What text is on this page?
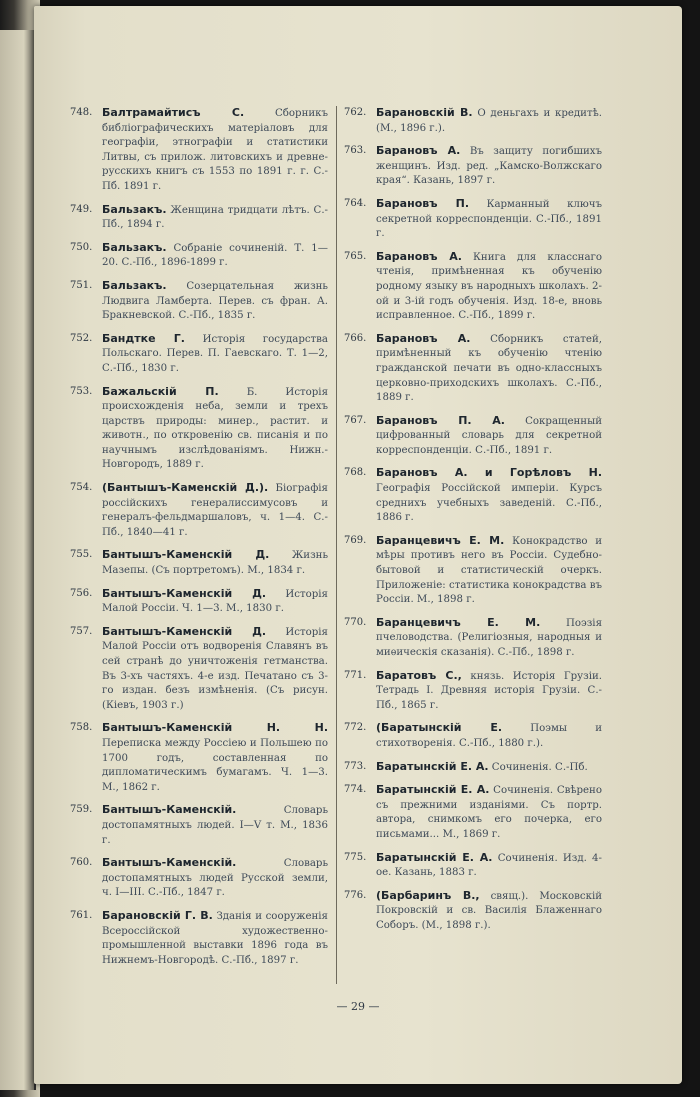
748. Балтрамайтисъ С.	Сборникъ библіографическихъ матеріаловъ для географіи, этнографіи и статистики Литвы, съ прилож. литовскихъ и древне-русскихъ книгъ съ 1553 по 1891 г. г. С.-Пб. 1891 г.
749. Бальзакъ. Женщина тридцати лѣтъ. С.-Пб., 1894 г.
750. Бальзакъ. Собраніе сочиненій. Т. 1—20. С.-Пб., 1896-1899 г.
751. Бальзакъ. Созерцательная жизнь Людвига Ламберта. Перев. съ фран. А. Бракневской. С.-Пб., 1835 г.
752. Бандтке Г. Исторія государства Польскаго. Перев. П. Гаевскаго. Т. 1—2, С.-Пб., 1830 г.
753. Бажальскій П.	Б. Исторія происхожденія неба, земли и трехъ царствъ природы: минер., растит. и животн., по откровенію св. писанія и по научнымъ изслѣдованіямъ. Нижн.-Новгородъ, 1889 г.
754. (Бантышъ-Каменскій Д.). Біографія россійскихъ генералиссимусовъ и генералъ-фельдмаршаловъ, ч. 1—4. С.-Пб., 1840—41 г.
755. Бантышъ-Каменскій Д. Жизнь Мазепы. (Съ портретомъ). М., 1834 г.
756. Бантышъ-Каменскій Д. Исторія Малой Россіи. Ч. 1—3. М., 1830 г.
757. Бантышъ-Каменскій Д. Исторія Малой Россіи отъ водворенія Славянъ въ сей странѣ до уничтоженія гетманства. Въ 3-хъ частяхъ. 4-е изд. Печатано съ 3-го издан. безъ измѣненія. (Съ рисун. (Кіевъ, 1903 г.)
758. Бантышъ-Каменскій Н. Н. Переписка между Россіею и Польшею по 1700 годъ, составленная по дипломатическимъ бумагамъ. Ч. 1—3. М., 1862 г.
759. Бантышъ-Каменскій.	Словарь достопамятныхъ людей. I—V т. М., 1836 г.
760. Бантышъ-Каменскій.	Словарь достопамятныхъ людей Русской земли, ч. I—III. С.-Пб., 1847 г.
761. Барановскій Г. В. Зданія и сооруженія Всероссійской художественно-промышленной выставки 1896 года въ Нижнемъ-Новгородѣ. С.-Пб., 1897 г.
762. Барановскій В. О деньгахъ и кредитѣ. (М., 1896 г.).
763. Барановъ А. Въ защиту погибшихъ женщинъ. Изд. ред. „Камско-Волжскаго края“. Казань, 1897 г.
764. Барановъ П. Карманный ключъ секретной корреспонденціи. С.-Пб., 1891 г.
765. Барановъ А. Книга для класснаго чтенія, примѣненная къ обученію родному языку въ народныхъ школахъ. 2-ой и 3-ій годъ обученія. Изд. 18-е, вновь исправленное. С.-Пб., 1899 г.
766. Барановъ А. Сборникъ статей, примѣненный къ обученію чтенію гражданской печати въ одно-классныхъ церковно-приходскихъ школахъ. С.-Пб., 1889 г.
767. Барановъ П. А. Сокращенный цифрованный словарь для секретной корреспонденціи. С.-Пб., 1891 г.
768. Барановъ А. и Горѣловъ Н. Географія Россійской имперіи. Курсъ среднихъ учебныхъ заведеній. С.-Пб., 1886 г.
769. Баранцевичъ Е. М. Конокрадство и мѣры противъ него въ Россіи. Судебно-бытовой и статистическій очеркъ. Приложеніе: статистика конокрадства въ Россіи. М., 1898 г.
770. Баранцевичъ Е. М.	Поэзія пчеловодства. (Религіозныя, народныя и миѳическія сказанія). С.-Пб., 1898 г.
771. Баратовъ С., князь. Исторія Грузіи. Тетрадь I. Древняя исторія Грузіи. С.-Пб., 1865 г.
772. (Баратынскій Е.	Поэмы и стихотворенія. С.-Пб., 1880 г.).
773. Баратынскій Е. А. Сочиненія. С.-Пб.
774. Баратынскій Е. А. Сочиненія. Свѣрено съ прежними изданіями. Съ портр. автора, снимкомъ его почерка, его письмами... М., 1869 г.
775. Баратынскій Е. А. Сочиненія. Изд. 4-ое. Казань, 1883 г.
776. (Барбаринъ В., свящ.). Московскій Покровскій и св. Василія Блаженнаго Соборъ. (М., 1898 г.).
— 29 —
